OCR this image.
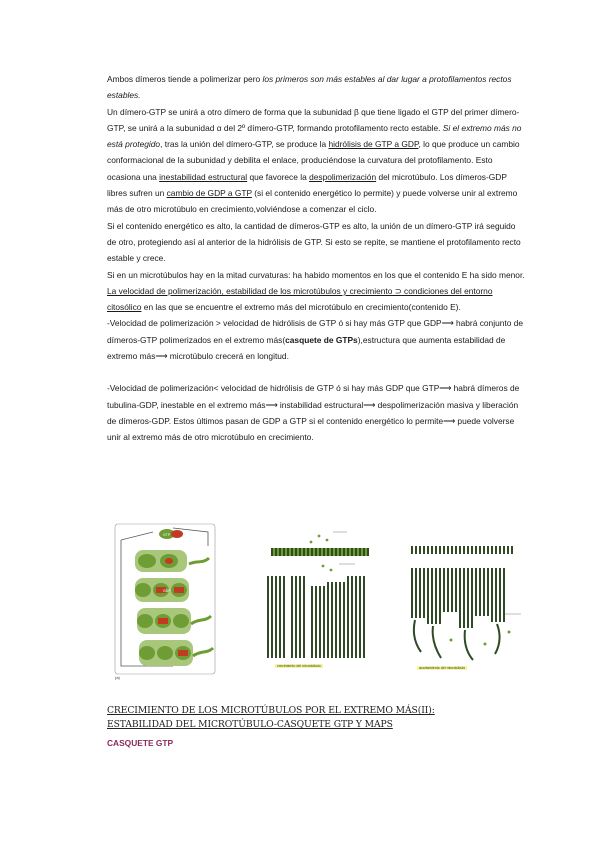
Ambos dímeros tiende a polimerizar pero los primeros son más estables al dar lugar a protofilamentos rectos estables.

Un dímero-GTP se unirá a otro dímero de forma que la subunidad β que tiene ligado el GTP del primer dímero-GTP, se unirá a la subunidad α del 2º dímero-GTP, formando protofilamento recto estable. Si el extremo más no está protegido, tras la unión del dímero-GTP, se produce la hidrólisis de GTP a GDP, lo que produce un cambio conformacional de la subunidad y debilita el enlace, produciéndose la curvatura del protofilamento. Esto ocasiona una inestabilidad estructural que favorece la despolimerización del microtúbulo. Los dímeros-GDP libres sufren un cambio de GDP a GTP (si el contenido energético lo permite) y puede volverse unir al extremo más de otro microtúbulo en crecimiento,volviéndose a comenzar el ciclo.

Si el contenido energético es alto, la cantidad de dímeros-GTP es alto, la unión de un dímero-GTP irá seguido de otro, protegiendo así al anterior de la hidrólisis de GTP. Si esto se repite, se mantiene el protofilamento recto estable y crece.

Si en un microtúbulos hay en la mitad curvaturas: ha habido momentos en los que el contenido E ha sido menor.

La velocidad de polimerización, estabilidad de los microtúbulos y crecimiento ⊃ condiciones del entorno citosólico en las que se encuentre el extremo más del microtúbulo en crecimiento(contenido E).

-Velocidad de polimerización > velocidad de hidrólisis de GTP ó si hay más GTP que GDP⟶ habrá conjunto de dímeros-GTP polimerizados en el extremo más(casquete de GTPs),estructura que aumenta estabilidad de extremo más⟶ microtúbulo crecerá en longitud.

-Velocidad de polimerización< velocidad de hidrólisis de GTP ó si hay más GDP que GTP⟶ habrá dímeros de tubulina-GDP, inestable en el extremo más⟶ instabilidad estructural⟶ despolimerización masiva y liberación de dímeros-GDP. Estos últimos pasan de GDP a GTP si el contenido energético lo permite⟶ puede volverse unir al extremo más de otro microtúbulo en crecimiento.

(a)
GTP
GDP
crecimiento del microtúbulo	acortamiento del microtúbulo
CRECIMIENTO DE LOS MICROTÚBULOS POR EL EXTREMO MÁS(II):
ESTABILIDAD DEL MICROTÚBULO-CASQUETE GTP Y MAPS
CASQUETE GTP
